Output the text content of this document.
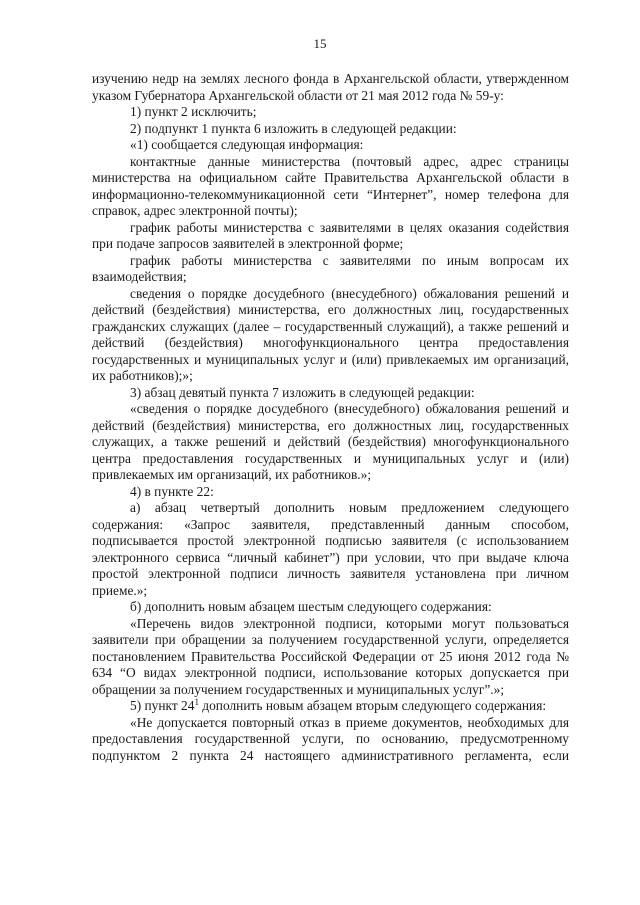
15

изучению недр на землях лесного фонда в Архангельской области, утвержденном указом Губернатора Архангельской области от 21 мая 2012 года № 59-у:

1) пункт 2 исключить;

2) подпункт 1 пункта 6 изложить в следующей редакции:

«1) сообщается следующая информация:

контактные данные министерства (почтовый адрес, адрес страницы министерства на официальном сайте Правительства Архангельской области в информационно-телекоммуникационной сети “Интернет”, номер телефона для справок, адрес электронной почты);

график работы министерства с заявителями в целях оказания содействия при подаче запросов заявителей в электронной форме;

график работы министерства с заявителями по иным вопросам их взаимодействия;

сведения о порядке досудебного (внесудебного) обжалования решений и действий (бездействия) министерства, его должностных лиц, государственных гражданских служащих (далее – государственный служащий), а также решений и действий (бездействия) многофункционального центра предоставления государственных и муниципальных услуг и (или) привлекаемых им организаций, их работников);»;

3) абзац девятый пункта 7 изложить в следующей редакции:

«сведения о порядке досудебного (внесудебного) обжалования решений и действий (бездействия) министерства, его должностных лиц, государственных служащих, а также решений и действий (бездействия) многофункционального центра предоставления государственных и муниципальных услуг и (или) привлекаемых им организаций, их работников.»;

4) в пункте 22:

а) абзац четвертый дополнить новым предложением следующего содержания: «Запрос заявителя, представленный данным способом, подписывается простой электронной подписью заявителя (с использованием электронного сервиса “личный кабинет”) при условии, что при выдаче ключа простой электронной подписи личность заявителя установлена при личном приеме.»;

б) дополнить новым абзацем шестым следующего содержания:

«Перечень видов электронной подписи, которыми могут пользоваться заявители при обращении за получением государственной услуги, определяется постановлением Правительства Российской Федерации от 25 июня 2012 года № 634 “О видах электронной подписи, использование которых допускается при обращении за получением государственных и муниципальных услуг”.»;

5) пункт $24^1$ дополнить новым абзацем вторым следующего содержания:

«Не допускается повторный отказ в приеме документов, необходимых для предоставления государственной услуги, по основанию, предусмотренному подпунктом 2 пункта 24 настоящего административного регламента, если
